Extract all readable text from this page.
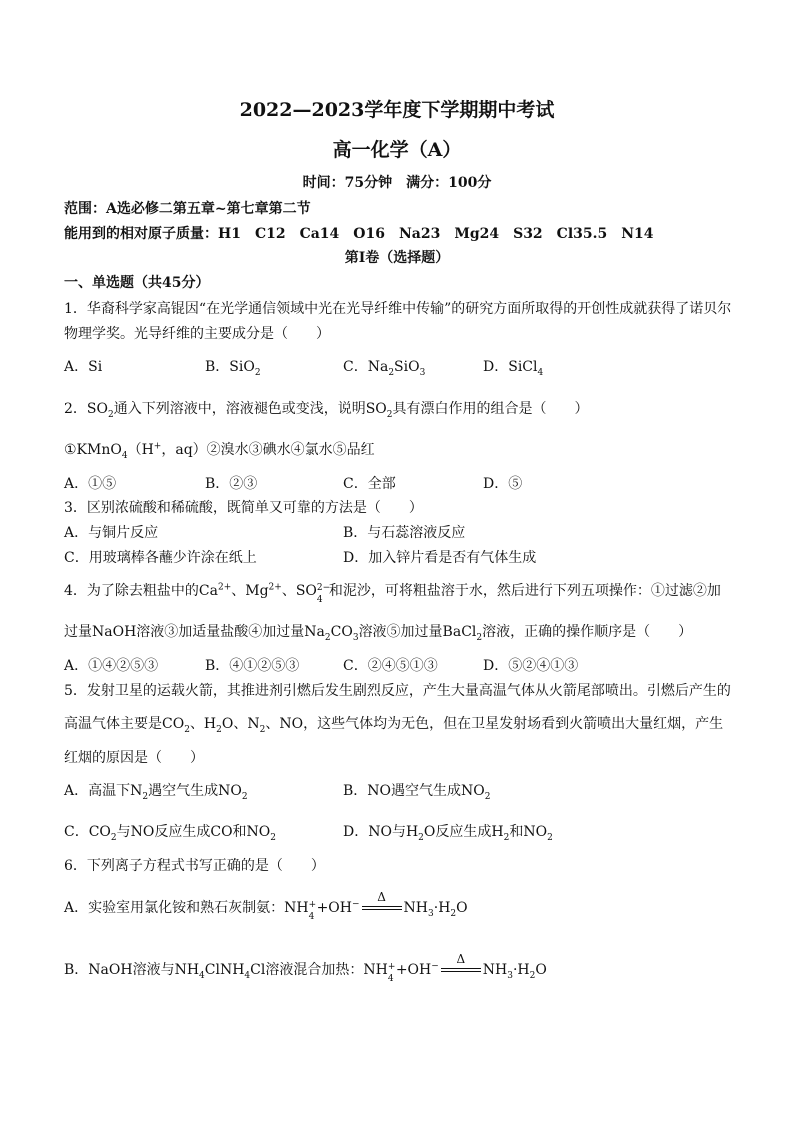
2022—2023学年度下学期期中考试
高一化学（A）
时间：75分钟　满分：100分
范围：A选必修二第五章~第七章第二节
能用到的相对原子质量：H1　C12　Ca14　O16　Na23　Mg24　S32　Cl35.5　N14
第Ⅰ卷（选择题）
一、单选题（共45分）
1．华裔科学家高锟因“在光学通信领域中光在光导纤维中传输”的研究方面所取得的开创性成就获得了诺贝尔
物理学奖。光导纤维的主要成分是（　　）
A．Si	B．SiO$_2$	C．$Na_2SiO_3$	D．SiCl$_4$
2．$SO_2$通入下列溶液中，溶液褪色或变浅，说明$SO_2$具有漂白作用的组合是（　　）
①KMnO$_4$（H+，aq）②溴水③碘水④氯水⑤品红
A．①⑤	B．②③	C．全部	D．⑤
3．区别浓硫酸和稀硫酸，既简单又可靠的方法是（　　）
A．与铜片反应	B．与石蕊溶液反应
C．用玻璃棒各蘸少许涂在纸上	D．加入锌片看是否有气体生成
4．为了除去粗盐中的$Ca^{2+}$、$Mg^{2+}$、SO 2−
4
和泥沙，可将粗盐溶于水，然后进行下列五项操作：①过滤②加
过量NaOH溶液③加适量盐酸④加过量$Na_2CO_3$溶液⑤加过量BaCl$_2$溶液，正确的操作顺序是（　　）
A．①④②⑤③	B．④①②⑤③	C．②④⑤①③	D．⑤②④①③
5．发射卫星的运载火箭，其推进剂引燃后发生剧烈反应，产生大量高温气体从火箭尾部喷出。引燃后产生的
高温气体主要是$CO_2$、$H_2O$、$N_2$、NO，这些气体均为无色，但在卫星发射场看到火箭喷出大量红烟，产生
红烟的原因是（　　）
A．高温下$N_2$遇空气生成$NO_2$	B．NO遇空气生成$NO_2$
C．$CO_2$与NO反应生成CO和$NO_2$	D．NO与$H_2O$反应生成$H_2$和$NO_2$
6．下列离子方程式书写正确的是（　　）
A．实验室用氯化铵和熟石灰制氨：NH +
4
+OH−
Δ
$NH_3\cdot H_2O$
B．NaOH溶液与$NH_4ClNH_4Cl$溶液混合加热：NH +
4
+OH−
Δ
$NH_3\cdot H_2O$
